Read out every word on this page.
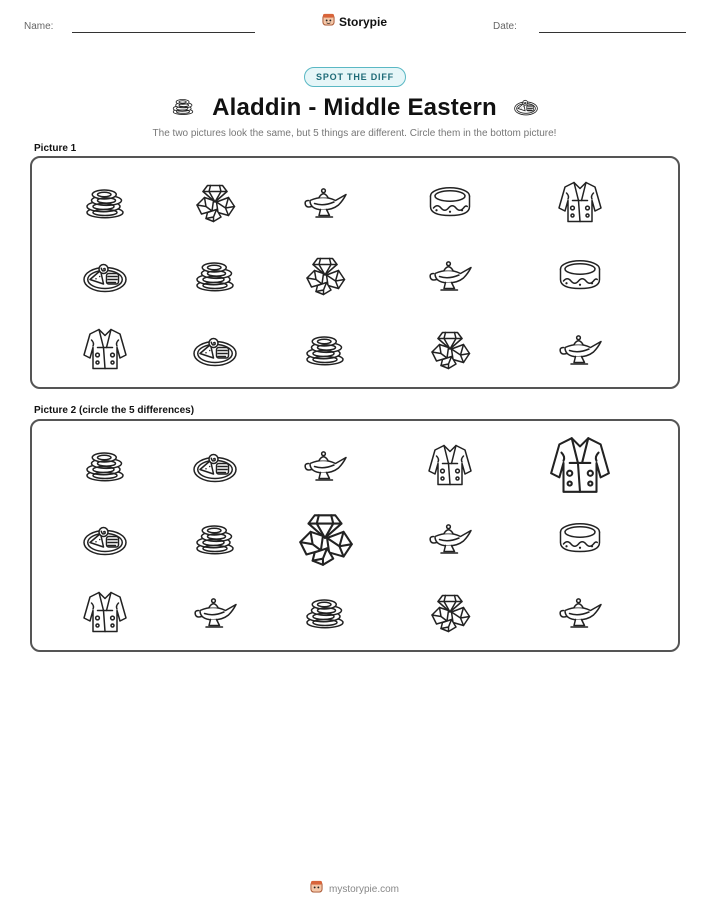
Name:	Storypie	Date:
SPOT THE DIFF
Aladdin - Middle Eastern
The two pictures look the same, but 5 things are different. Circle them in the bottom picture!
Picture 1
Picture 2 (circle the 5 differences)
mystorypie.com
